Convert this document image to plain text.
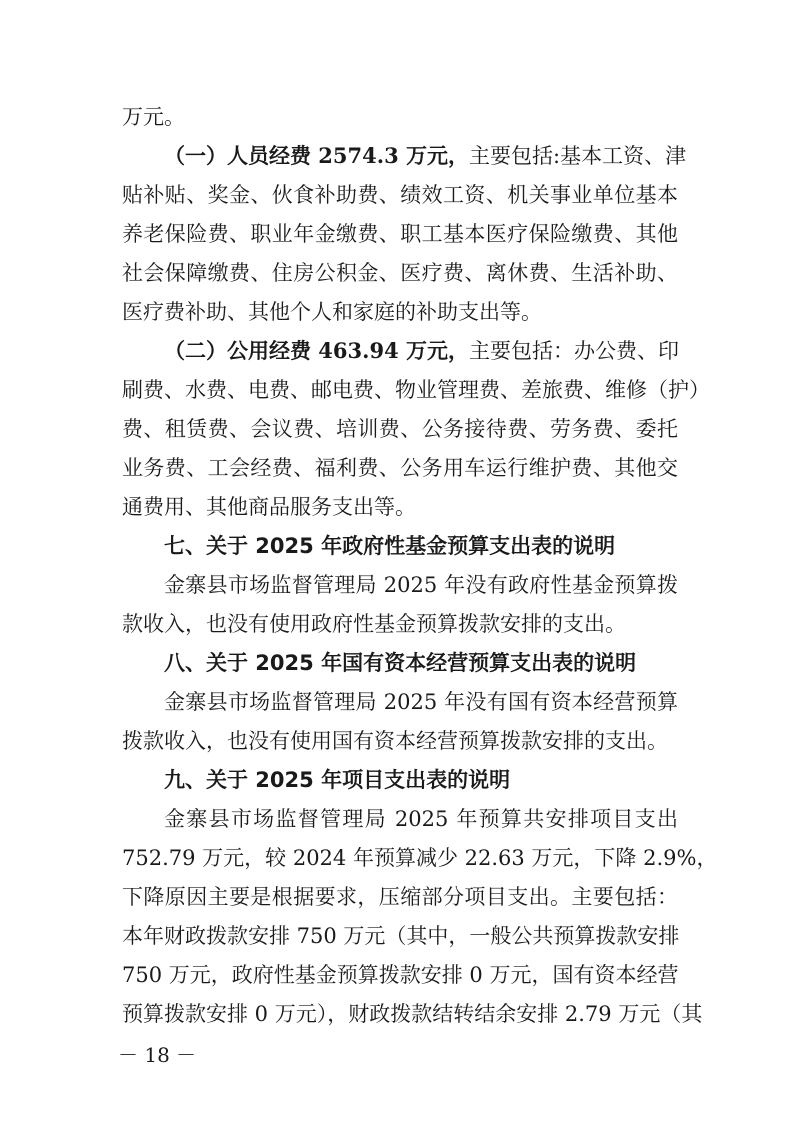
万元。
（一）人员经费 2574.3 万元，主要包括:基本工资、津
贴补贴、奖金、伙食补助费、绩效工资、机关事业单位基本
养老保险费、职业年金缴费、职工基本医疗保险缴费、其他
社会保障缴费、住房公积金、医疗费、离休费、生活补助、
医疗费补助、其他个人和家庭的补助支出等。
（二）公用经费 463.94 万元，主要包括：办公费、印
刷费、水费、电费、邮电费、物业管理费、差旅费、维修（护）
费、租赁费、会议费、培训费、公务接待费、劳务费、委托
业务费、工会经费、福利费、公务用车运行维护费、其他交
通费用、其他商品服务支出等。
七、关于 2025 年政府性基金预算支出表的说明
金寨县市场监督管理局 2025 年没有政府性基金预算拨
款收入，也没有使用政府性基金预算拨款安排的支出。
八、关于 2025 年国有资本经营预算支出表的说明
金寨县市场监督管理局 2025 年没有国有资本经营预算
拨款收入，也没有使用国有资本经营预算拨款安排的支出。
九、关于 2025 年项目支出表的说明
金寨县市场监督管理局 2025 年预算共安排项目支出
752.79 万元，较 2024 年预算减少 22.63 万元，下降 2.9%，
下降原因主要是根据要求，压缩部分项目支出。主要包括：
本年财政拨款安排 750 万元（其中，一般公共预算拨款安排
750 万元，政府性基金预算拨款安排 0 万元，国有资本经营
预算拨款安排 0 万元），财政拨款结转结余安排 2.79 万元（其
－ 18 －
